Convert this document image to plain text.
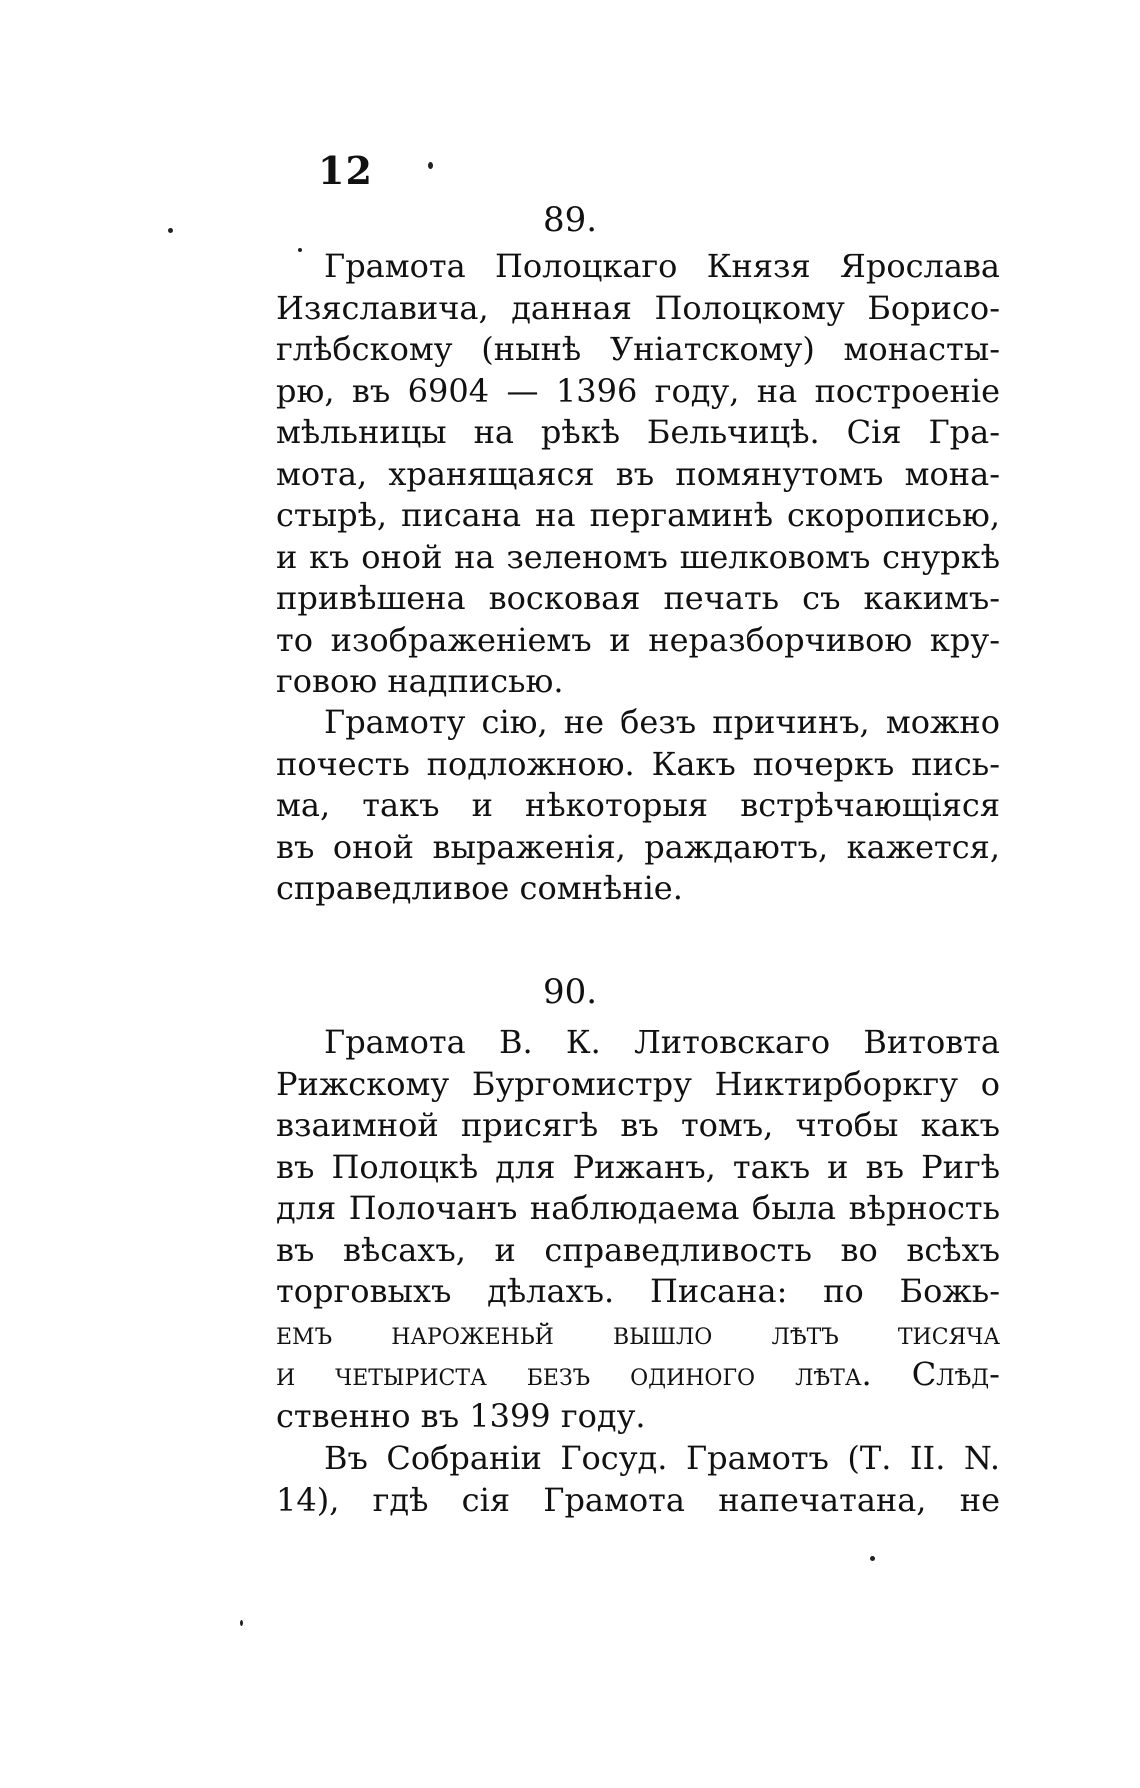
12
89.
Грамота Полоцкаго Князя Ярослава
Изяславича, данная Полоцкому Борисо-
глѣбскому (нынѣ Уніатскому) монасты-
рю, въ 6904 — 1396 году, на построеніе
мѣльницы на рѣкѣ Бельчицѣ. Сія Гра-
мота, хранящаяся въ помянутомъ мона-
стырѣ, писана на пергаминѣ скорописью,
и къ оной на зеленомъ шелковомъ снуркѣ
привѣшена восковая печать съ какимъ-
то изображеніемъ и неразборчивою кру-
говою надписью.
Грамоту сію, не безъ причинъ, можно
почесть подложною. Какъ почеркъ пись-
ма, такъ и нѣкоторыя встрѣчающіяся
въ оной выраженія, раждаютъ, кажется,
справедливое сомнѣніе.
90.
Грамота В. К. Литовскаго Витовта
Рижскому Бургомистру Никтирборкгу о
взаимной присягѣ въ томъ, чтобы какъ
въ Полоцкѣ для Рижанъ, такъ и въ Ригѣ
для Полочанъ наблюдаема была вѣрность
въ вѣсахъ, и справедливость во всѣхъ
торговыхъ дѣлахъ. Писана: по Божь-
емъ нароженьй вышло лѣтъ тисяча
и четыриста безъ одиного лѣта. Слѣд-
ственно въ 1399 году.
Въ Собраніи Госуд. Грамотъ (Т. II. N.
14), гдѣ сія Грамота напечатана, не
